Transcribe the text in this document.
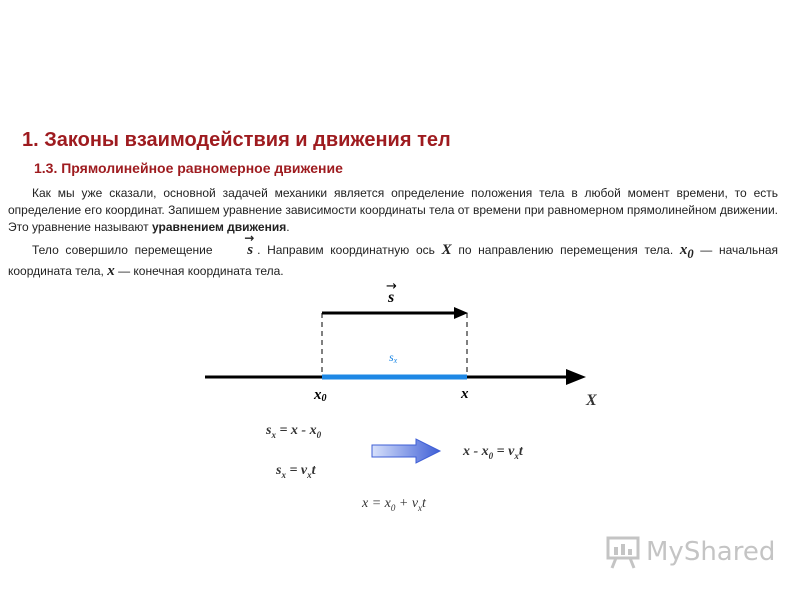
1. Законы взаимодействия и движения тел
1.3. Прямолинейное равномерное движение
Как мы уже сказали, основной задачей механики является определение положения тела в любой момент времени, то есть определение его координат. Запишем уравнение зависимости координаты тела от времени при равномерном прямолинейном движении. Это уравнение называют уравнением движения.
Тело совершило перемещение
→
s . Направим координатную ось X по направлению перемещения тела. $x_0$ — начальная координата тела, x — конечная координата тела.
s
→
sx
x0	x	X
$s_x = x - x_0$
$x - x_0 = v_xt$
$s_x = v_xt$
$x = x_0 + v_xt$
MyShared
